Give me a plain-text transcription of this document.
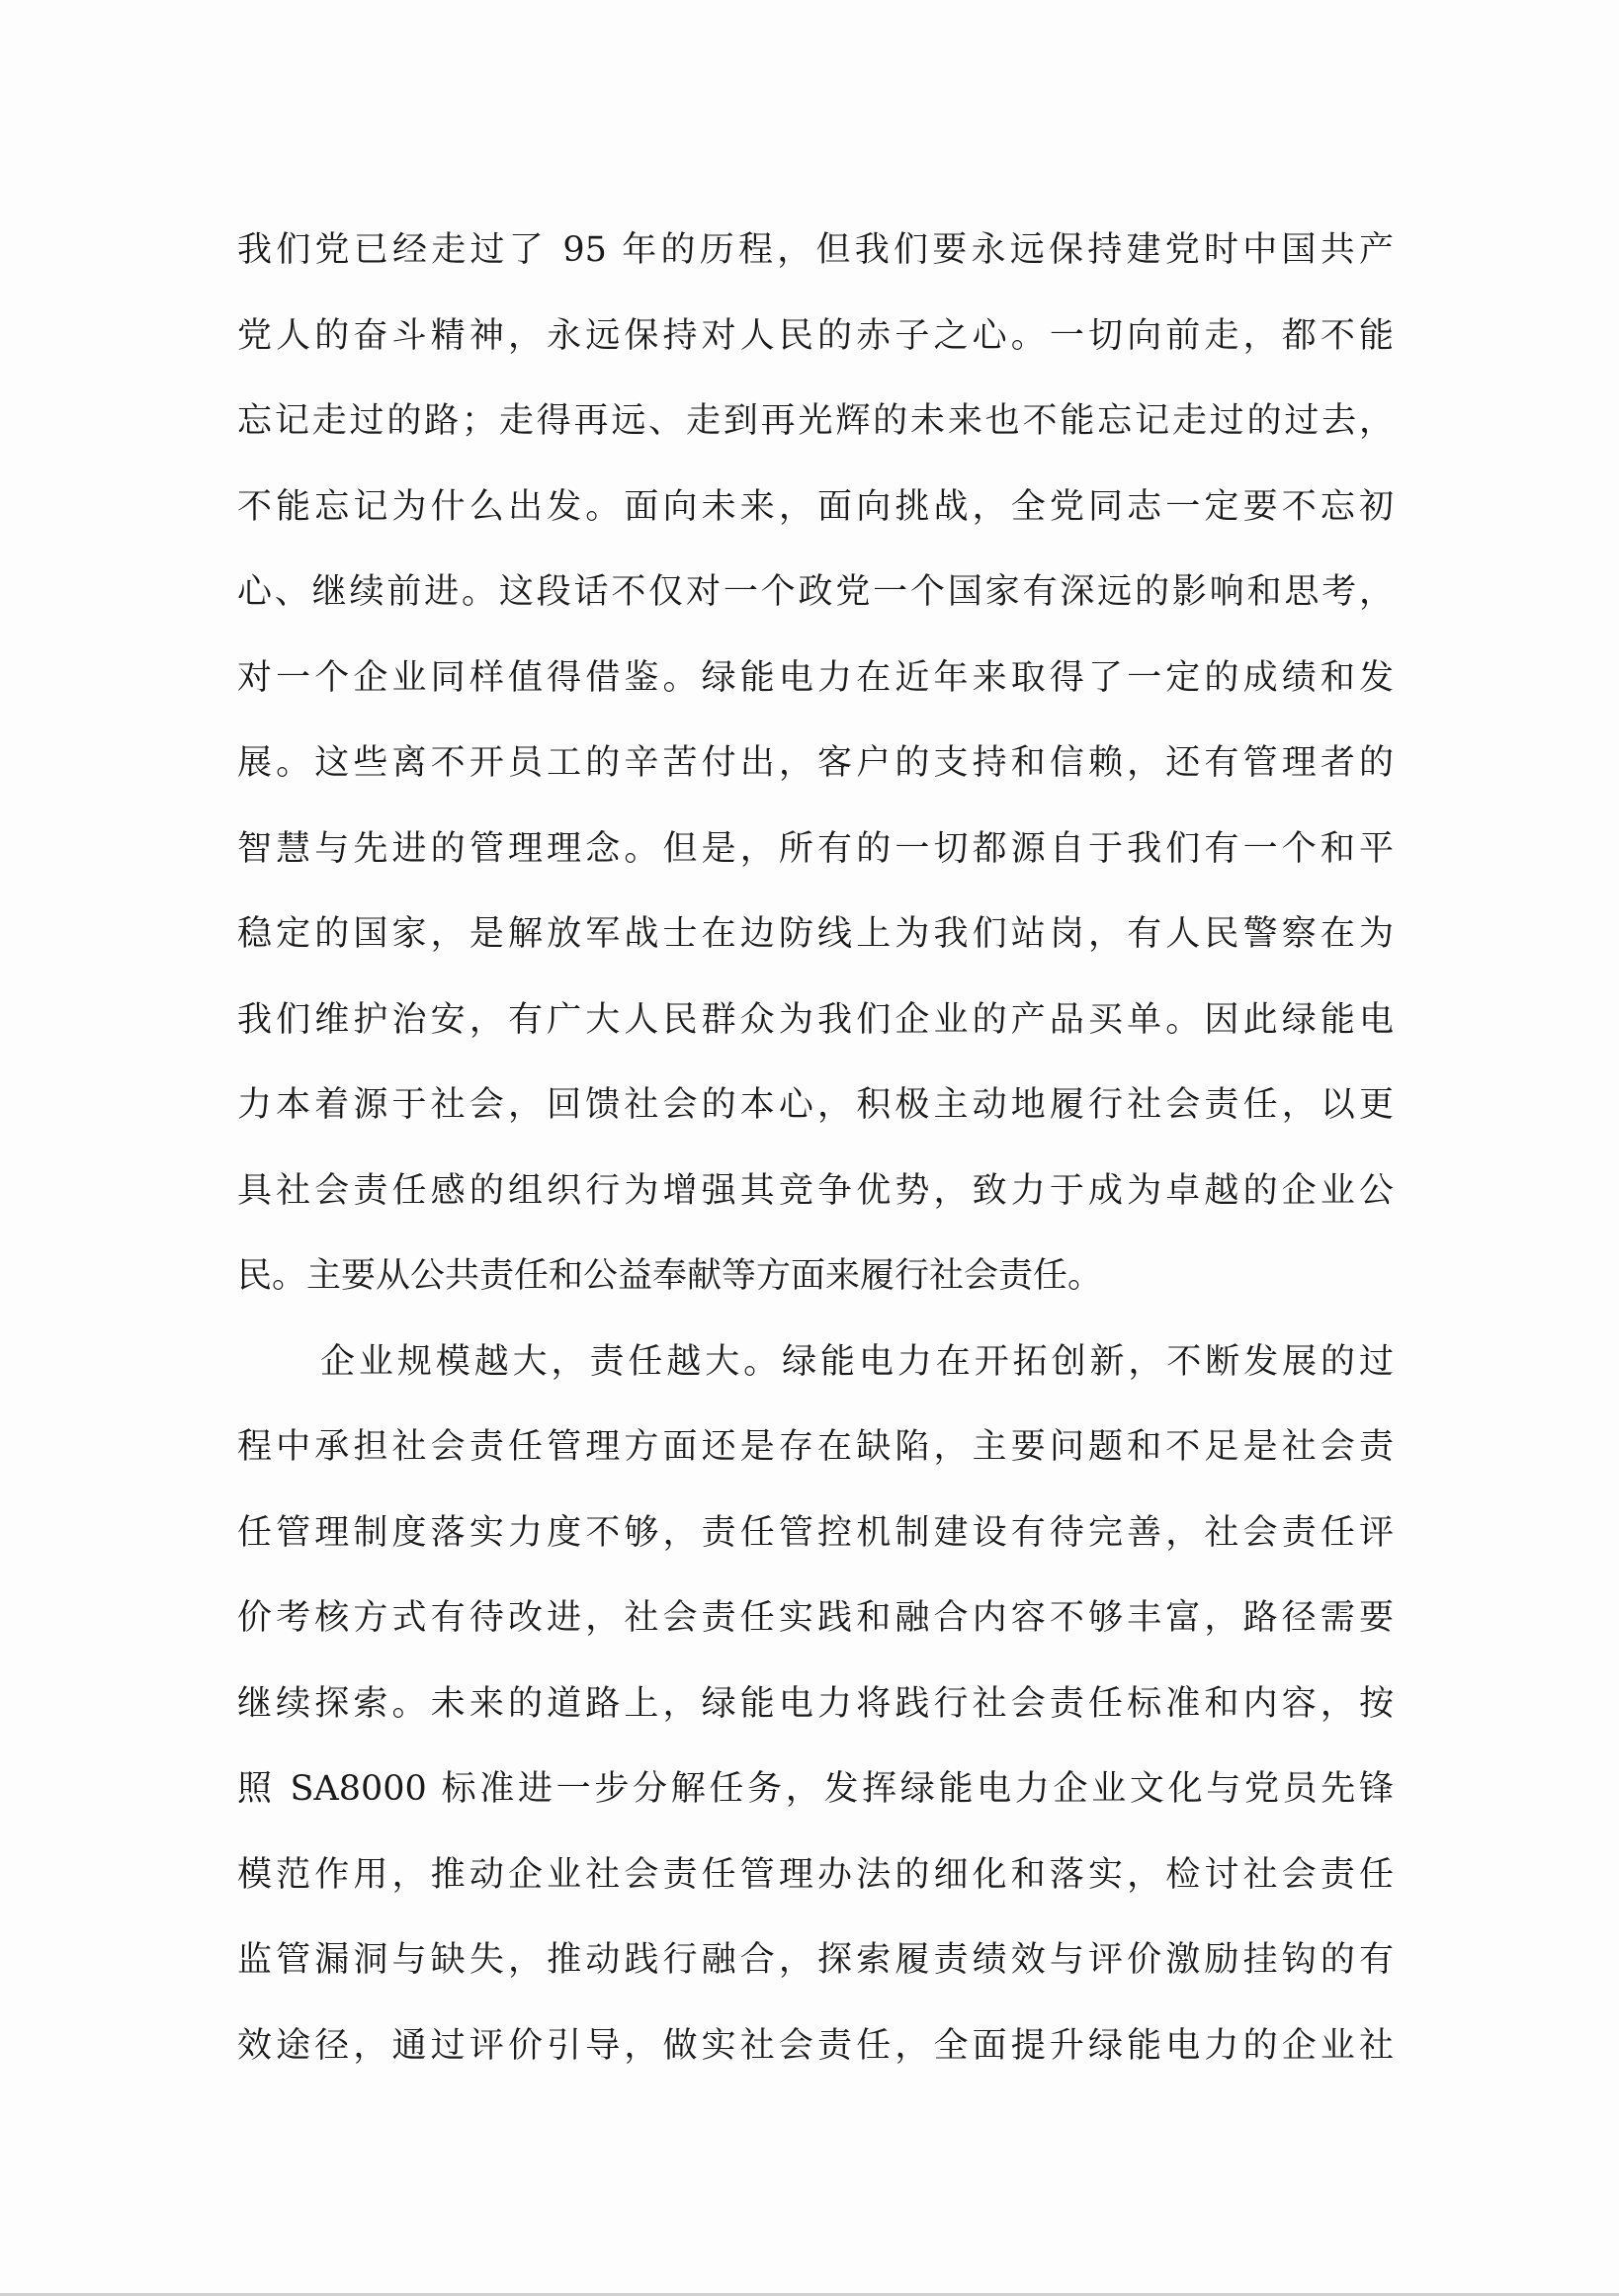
我们党已经走过了 95 年的历程，但我们要永远保持建党时中国共产
党人的奋斗精神，永远保持对人民的赤子之心。一切向前走，都不能
忘记走过的路；走得再远、走到再光辉的未来也不能忘记走过的过去，
不能忘记为什么出发。面向未来，面向挑战，全党同志一定要不忘初
心、继续前进。这段话不仅对一个政党一个国家有深远的影响和思考，
对一个企业同样值得借鉴。绿能电力在近年来取得了一定的成绩和发
展。这些离不开员工的辛苦付出，客户的支持和信赖，还有管理者的
智慧与先进的管理理念。但是，所有的一切都源自于我们有一个和平
稳定的国家，是解放军战士在边防线上为我们站岗，有人民警察在为
我们维护治安，有广大人民群众为我们企业的产品买单。因此绿能电
力本着源于社会，回馈社会的本心，积极主动地履行社会责任，以更
具社会责任感的组织行为增强其竞争优势，致力于成为卓越的企业公
民。主要从公共责任和公益奉献等方面来履行社会责任。
企业规模越大，责任越大。绿能电力在开拓创新，不断发展的过
程中承担社会责任管理方面还是存在缺陷，主要问题和不足是社会责
任管理制度落实力度不够，责任管控机制建设有待完善，社会责任评
价考核方式有待改进，社会责任实践和融合内容不够丰富，路径需要
继续探索。未来的道路上，绿能电力将践行社会责任标准和内容，按
照 SA8000 标准进一步分解任务，发挥绿能电力企业文化与党员先锋
模范作用，推动企业社会责任管理办法的细化和落实，检讨社会责任
监管漏洞与缺失，推动践行融合，探索履责绩效与评价激励挂钩的有
效途径，通过评价引导，做实社会责任，全面提升绿能电力的企业社
